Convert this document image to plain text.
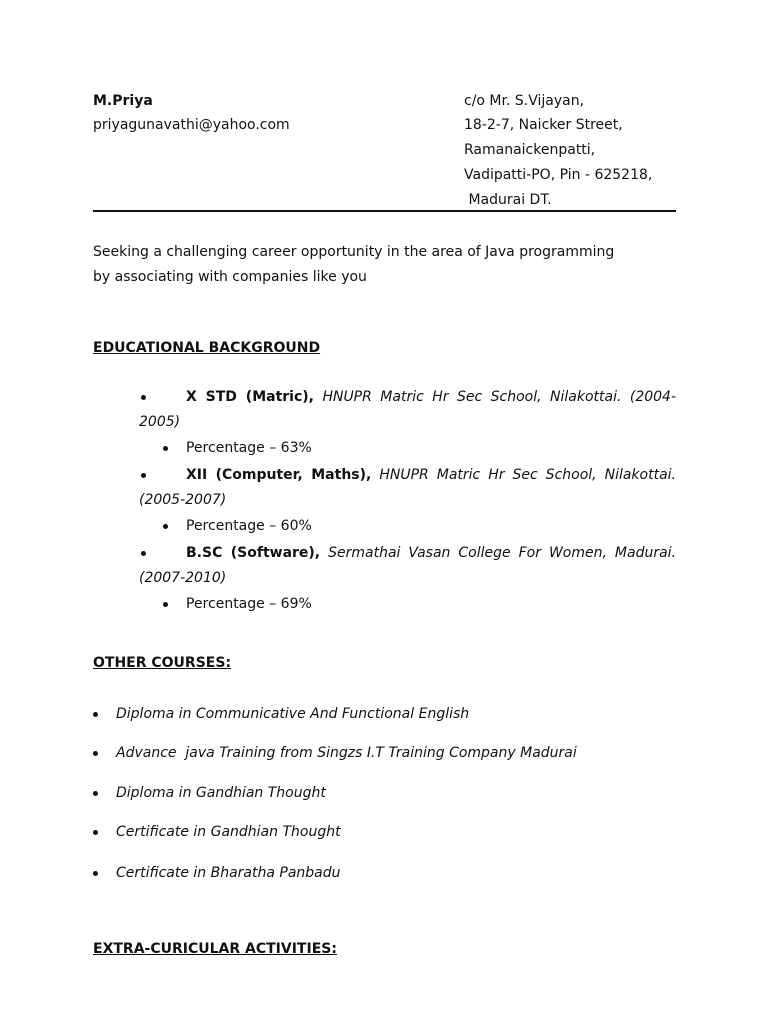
M.Priya
priyagunavathi@yahoo.com
c/o Mr. S.Vijayan,
18-2-7, Naicker Street,
Ramanaickenpatti,
Vadipatti-PO, Pin - 625218,
Madurai DT.
Seeking a challenging career opportunity in the area of Java programming
by associating with companies like you
EDUCATIONAL BACKGROUND
X STD (Matric), HNUPR Matric Hr Sec School, Nilakottai. (2004-
2005)
Percentage – 63%
XII (Computer, Maths), HNUPR Matric Hr Sec School, Nilakottai.
(2005-2007)
Percentage – 60%
B.SC (Software), Sermathai Vasan College For Women, Madurai.
(2007-2010)
Percentage – 69%
OTHER COURSES:
Diploma in Communicative And Functional English
Advance  java Training from Singzs I.T Training Company Madurai
Diploma in Gandhian Thought
Certificate in Gandhian Thought
Certificate in Bharatha Panbadu
EXTRA-CURICULAR ACTIVITIES:
